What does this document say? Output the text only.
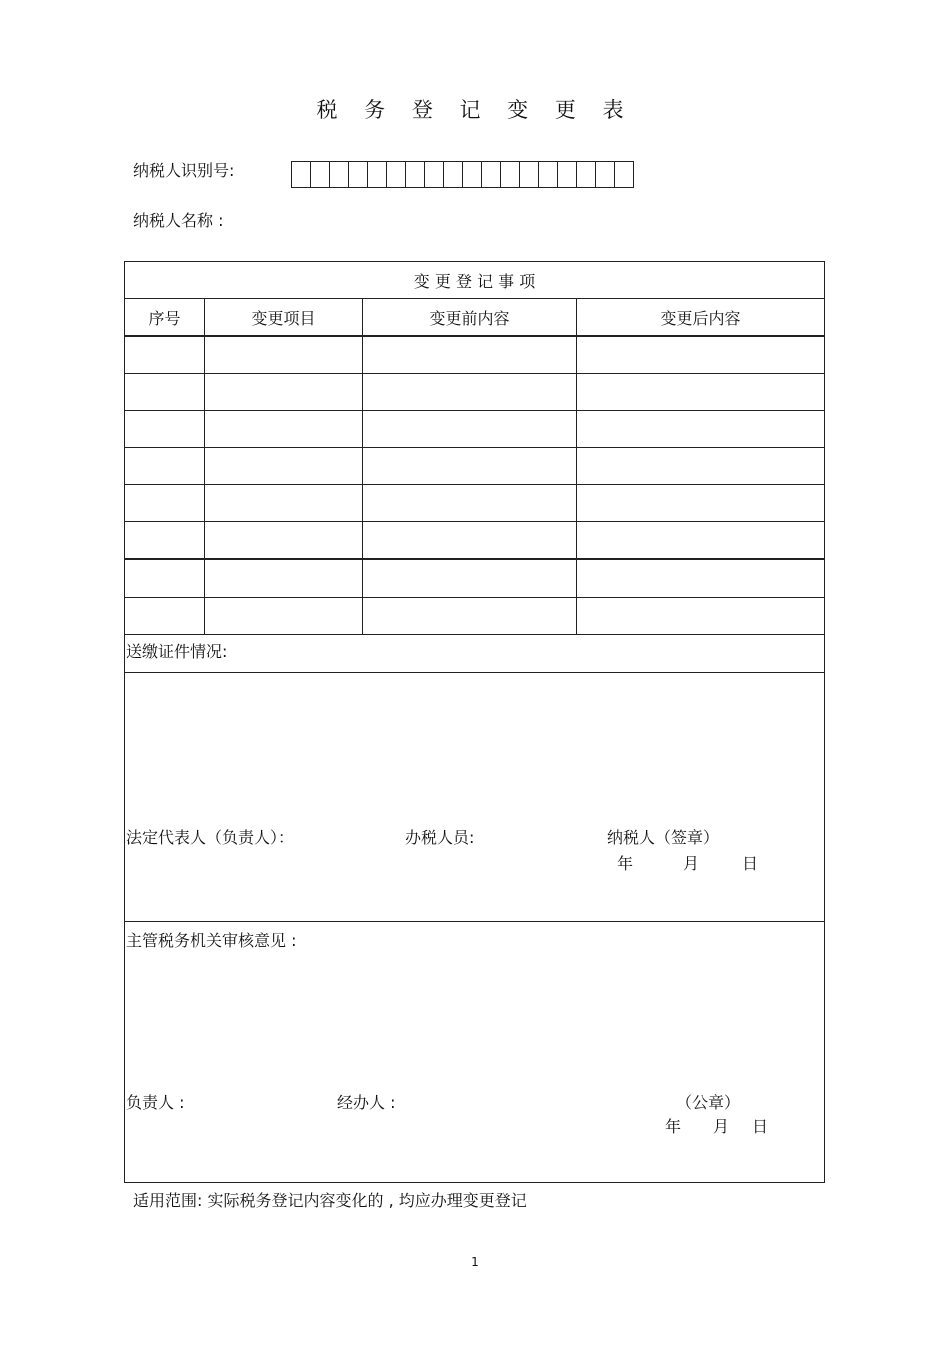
税 务 登 记 变 更 表
纳税人识别号:
纳税人名称 :
变 更 登 记 事 项
序号	变更项目	变更前内容	变更后内容
送缴证件情况:
法定代表人（负责人）：	办税人员:	纳税人（签章）
年	月	日
主管税务机关审核意见 :
负责人 :	经办人 :	（公章）
年 月 日
适用范围: 实际税务登记内容变化的 , 均应办理变更登记
1
